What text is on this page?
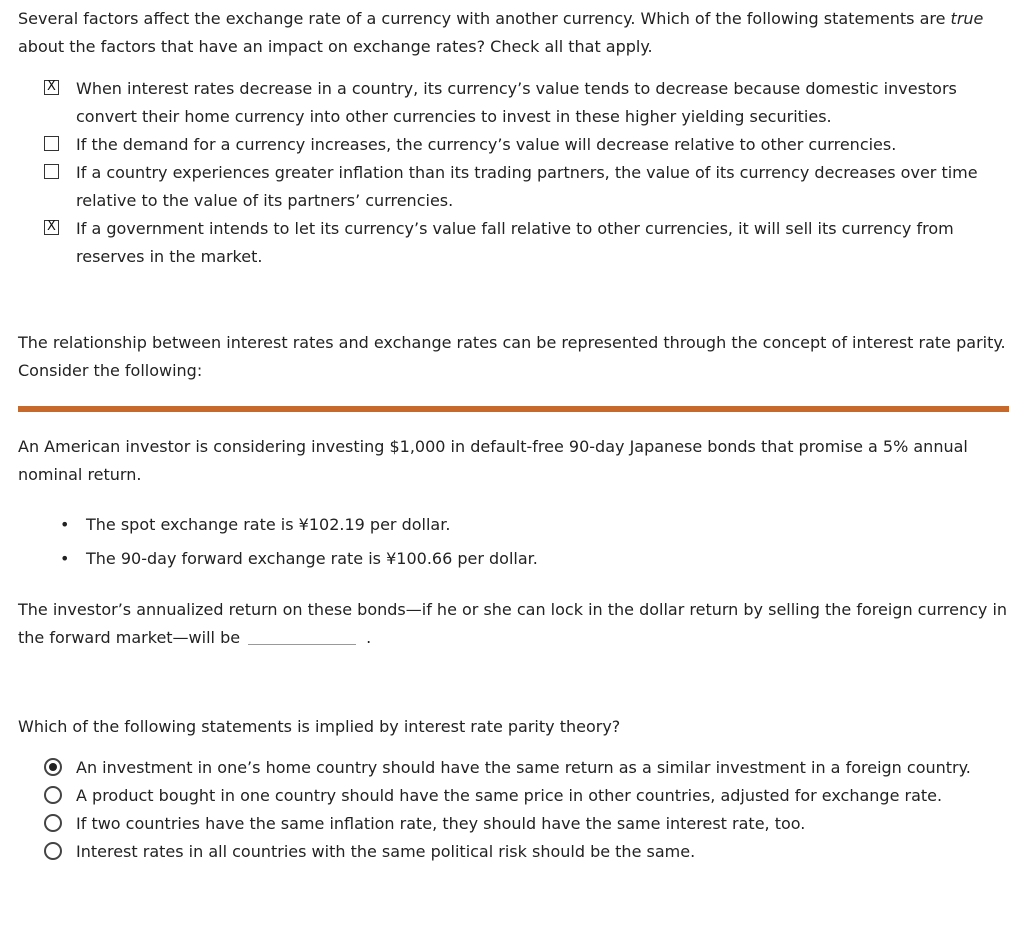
Several factors affect the exchange rate of a currency with another currency. Which of the following statements are true about the factors that have an impact on exchange rates? Check all that apply.
X When interest rates decrease in a country, its currency’s value tends to decrease because domestic investors convert their home currency into other currencies to invest in these higher yielding securities.
If the demand for a currency increases, the currency’s value will decrease relative to other currencies.
If a country experiences greater inflation than its trading partners, the value of its currency decreases over time relative to the value of its partners’ currencies.
X If a government intends to let its currency’s value fall relative to other currencies, it will sell its currency from reserves in the market.
The relationship between interest rates and exchange rates can be represented through the concept of interest rate parity. Consider the following:
An American investor is considering investing $1,000 in default-free 90-day Japanese bonds that promise a 5% annual nominal return.
• The spot exchange rate is ¥102.19 per dollar.
• The 90-day forward exchange rate is ¥100.66 per dollar.
The investor’s annualized return on these bonds—if he or she can lock in the dollar return by selling the foreign currency in the forward market—will be	.
Which of the following statements is implied by interest rate parity theory?
An investment in one’s home country should have the same return as a similar investment in a foreign country.
A product bought in one country should have the same price in other countries, adjusted for exchange rate.
If two countries have the same inflation rate, they should have the same interest rate, too.
Interest rates in all countries with the same political risk should be the same.
